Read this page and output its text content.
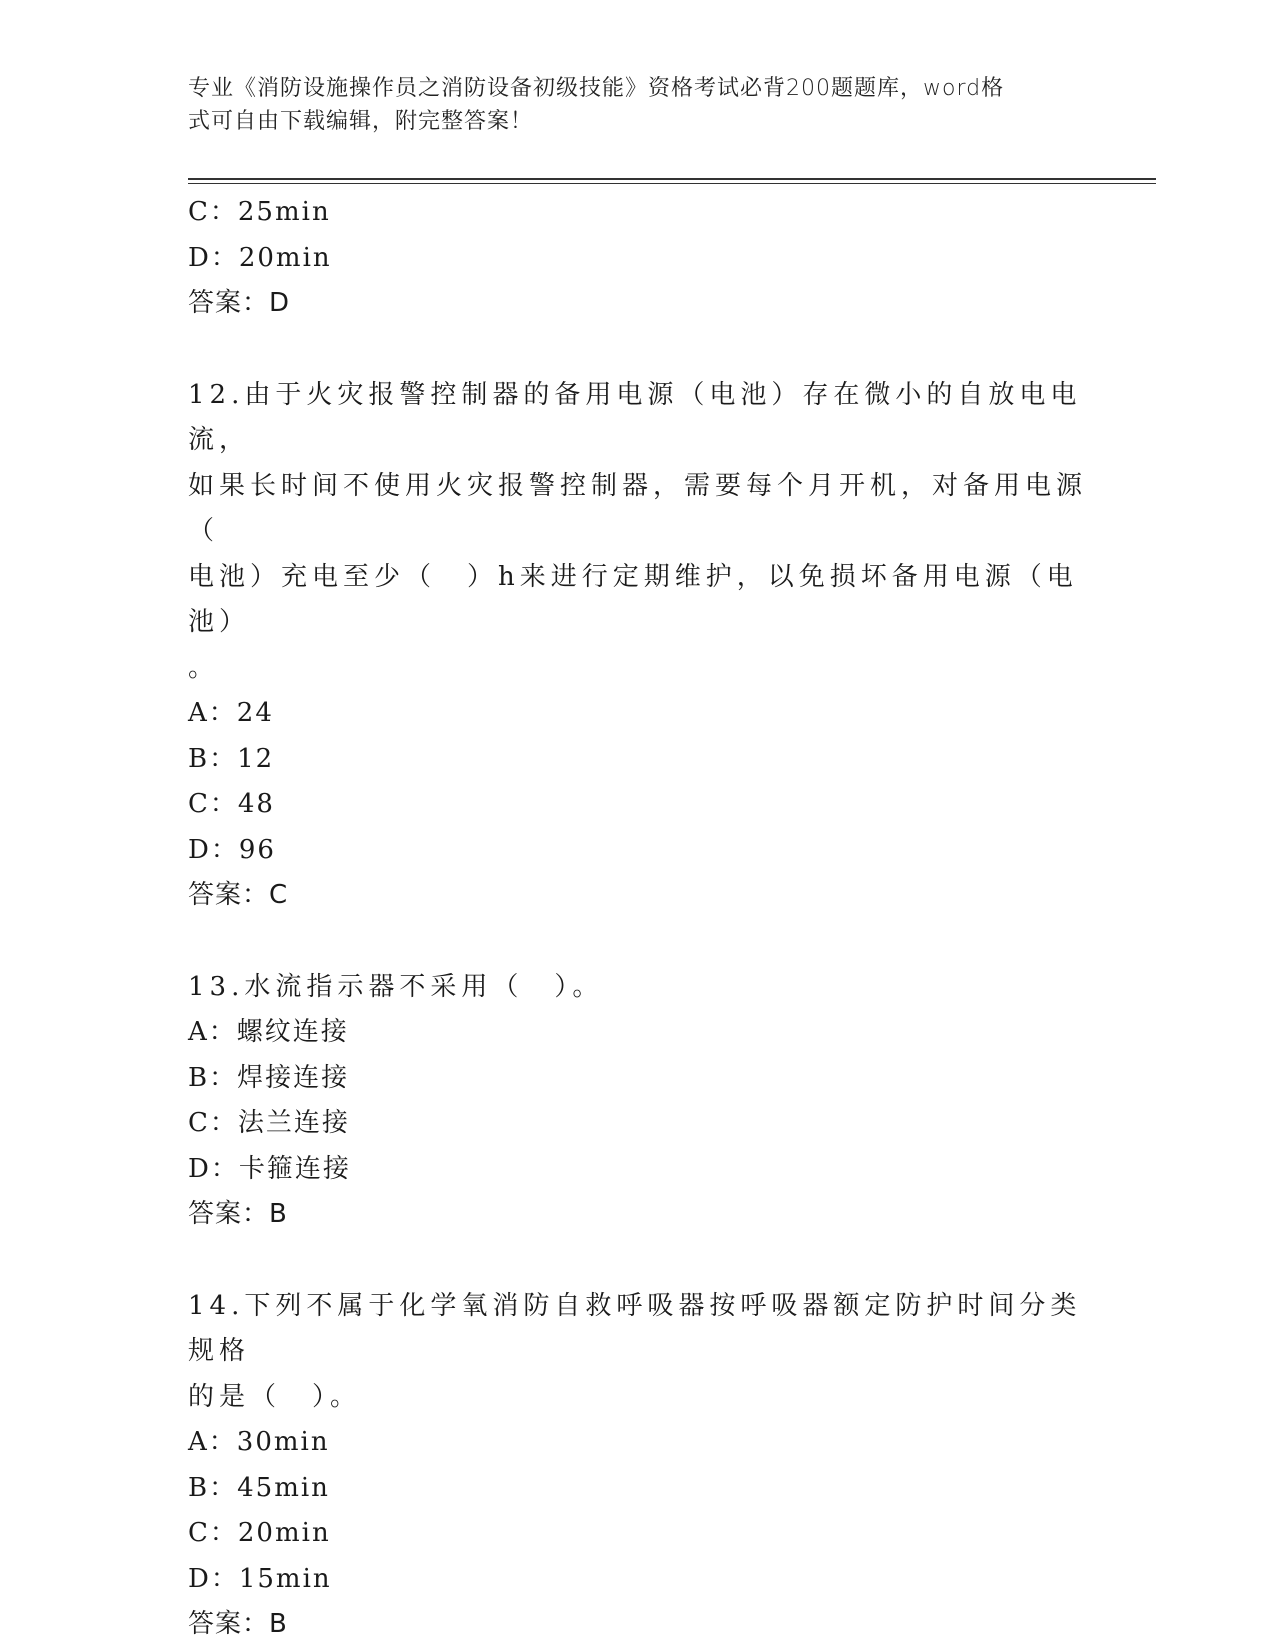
专业《消防设施操作员之消防设备初级技能》资格考试必背200题题库，word格
式可自由下载编辑，附完整答案！
C：25min
D：20min
答案：D
12.由于火灾报警控制器的备用电源（电池）存在微小的自放电电流，
如果长时间不使用火灾报警控制器，需要每个月开机，对备用电源（
电池）充电至少（　）h来进行定期维护，以免损坏备用电源（电池）
。
A：24
B：12
C：48
D：96
答案：C
13.水流指示器不采用（　）。
A：螺纹连接
B：焊接连接
C：法兰连接
D：卡箍连接
答案：B
14.下列不属于化学氧消防自救呼吸器按呼吸器额定防护时间分类规格
的是（　）。
A：30min
B：45min
C：20min
D：15min
答案：B
